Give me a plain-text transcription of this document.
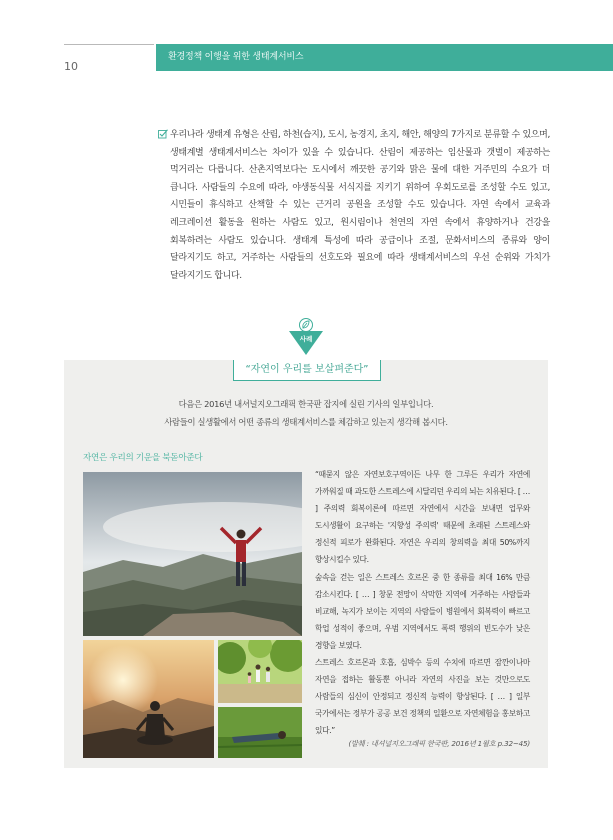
환경정책 이행을 위한 생태계서비스
10

우리나라 생태계 유형은 산림, 하천(습지), 도시, 농경지, 초지, 해안, 해양의 7가지로 분류할 수 있으며, 생태계별 생태계서비스는 차이가 있을 수 있습니다. 산림이 제공하는 임산물과 갯벌이 제공하는 먹거리는 다릅니다. 산촌지역보다는 도시에서 깨끗한 공기와 맑은 물에 대한 거주민의 수요가 더 큽니다. 사람들의 수요에 따라, 야생동식물 서식지를 지키기 위하여 우회도로를 조성할 수도 있고, 시민들이 휴식하고 산책할 수 있는 근거리 공원을 조성할 수도 있습니다. 자연 속에서 교육과 레크레이션 활동을 원하는 사람도 있고, 원시림이나 천연의 자연 속에서 휴양하거나 건강을 회복하려는 사람도 있습니다. 생태계 특성에 따라 공급이나 조절, 문화서비스의 종류와 양이 달라지기도 하고, 거주하는 사람들의 선호도와 필요에 따라 생태계서비스의 우선 순위와 가치가 달라지기도 합니다.

사례
“자연이 우리를 보살펴준다”
다음은 2016년 내셔널지오그래픽 한국판 잡지에 실린 기사의 일부입니다.
사람들이 실생활에서 어떤 종류의 생태계서비스를 체감하고 있는지 생각해 봅시다.
자연은 우리의 기운을 북돋아준다

“때묻지 않은 자연보호구역이든 나무 한 그루든 우리가 자연에 가까워질 때 과도한 스트레스에 시달리던 우리의 뇌는 치유된다. [ … ] 주의력 회복이론에 따르면 자연에서 시간을 보내면 업무와 도시생활이 요구하는 '지향성 주의력' 때문에 초래된 스트레스와 정신적 피로가 완화된다. 자연은 우리의 창의력을 최대 50%까지 향상시킬수 있다.

숲속을 걷는 일은 스트레스 호르몬 중 한 종류를 최대 16% 만큼 감소시킨다. [ … ] 창문 전망이 삭막한 지역에 거주하는 사람들과 비교해, 녹지가 보이는 지역의 사람들이 병원에서 회복력이 빠르고 학업 성적이 좋으며, 우범 지역에서도 폭력 행위의 빈도수가 낮은 경향을 보였다.

스트레스 호르몬과 호흡, 심박수 등의 수치에 따르면 잠깐이나마 자연을 접하는 활동뿐 아니라 자연의 사진을 보는 것만으로도 사람들의 심신이 안정되고 정신적 능력이 향상된다. [ … ] 일부 국가에서는 정부가 공공 보건 정책의 일환으로 자연체험을 홍보하고 있다.”

(발췌 : 내셔널지오그래픽 한국판, 2016년 1월호 p.32~45)
